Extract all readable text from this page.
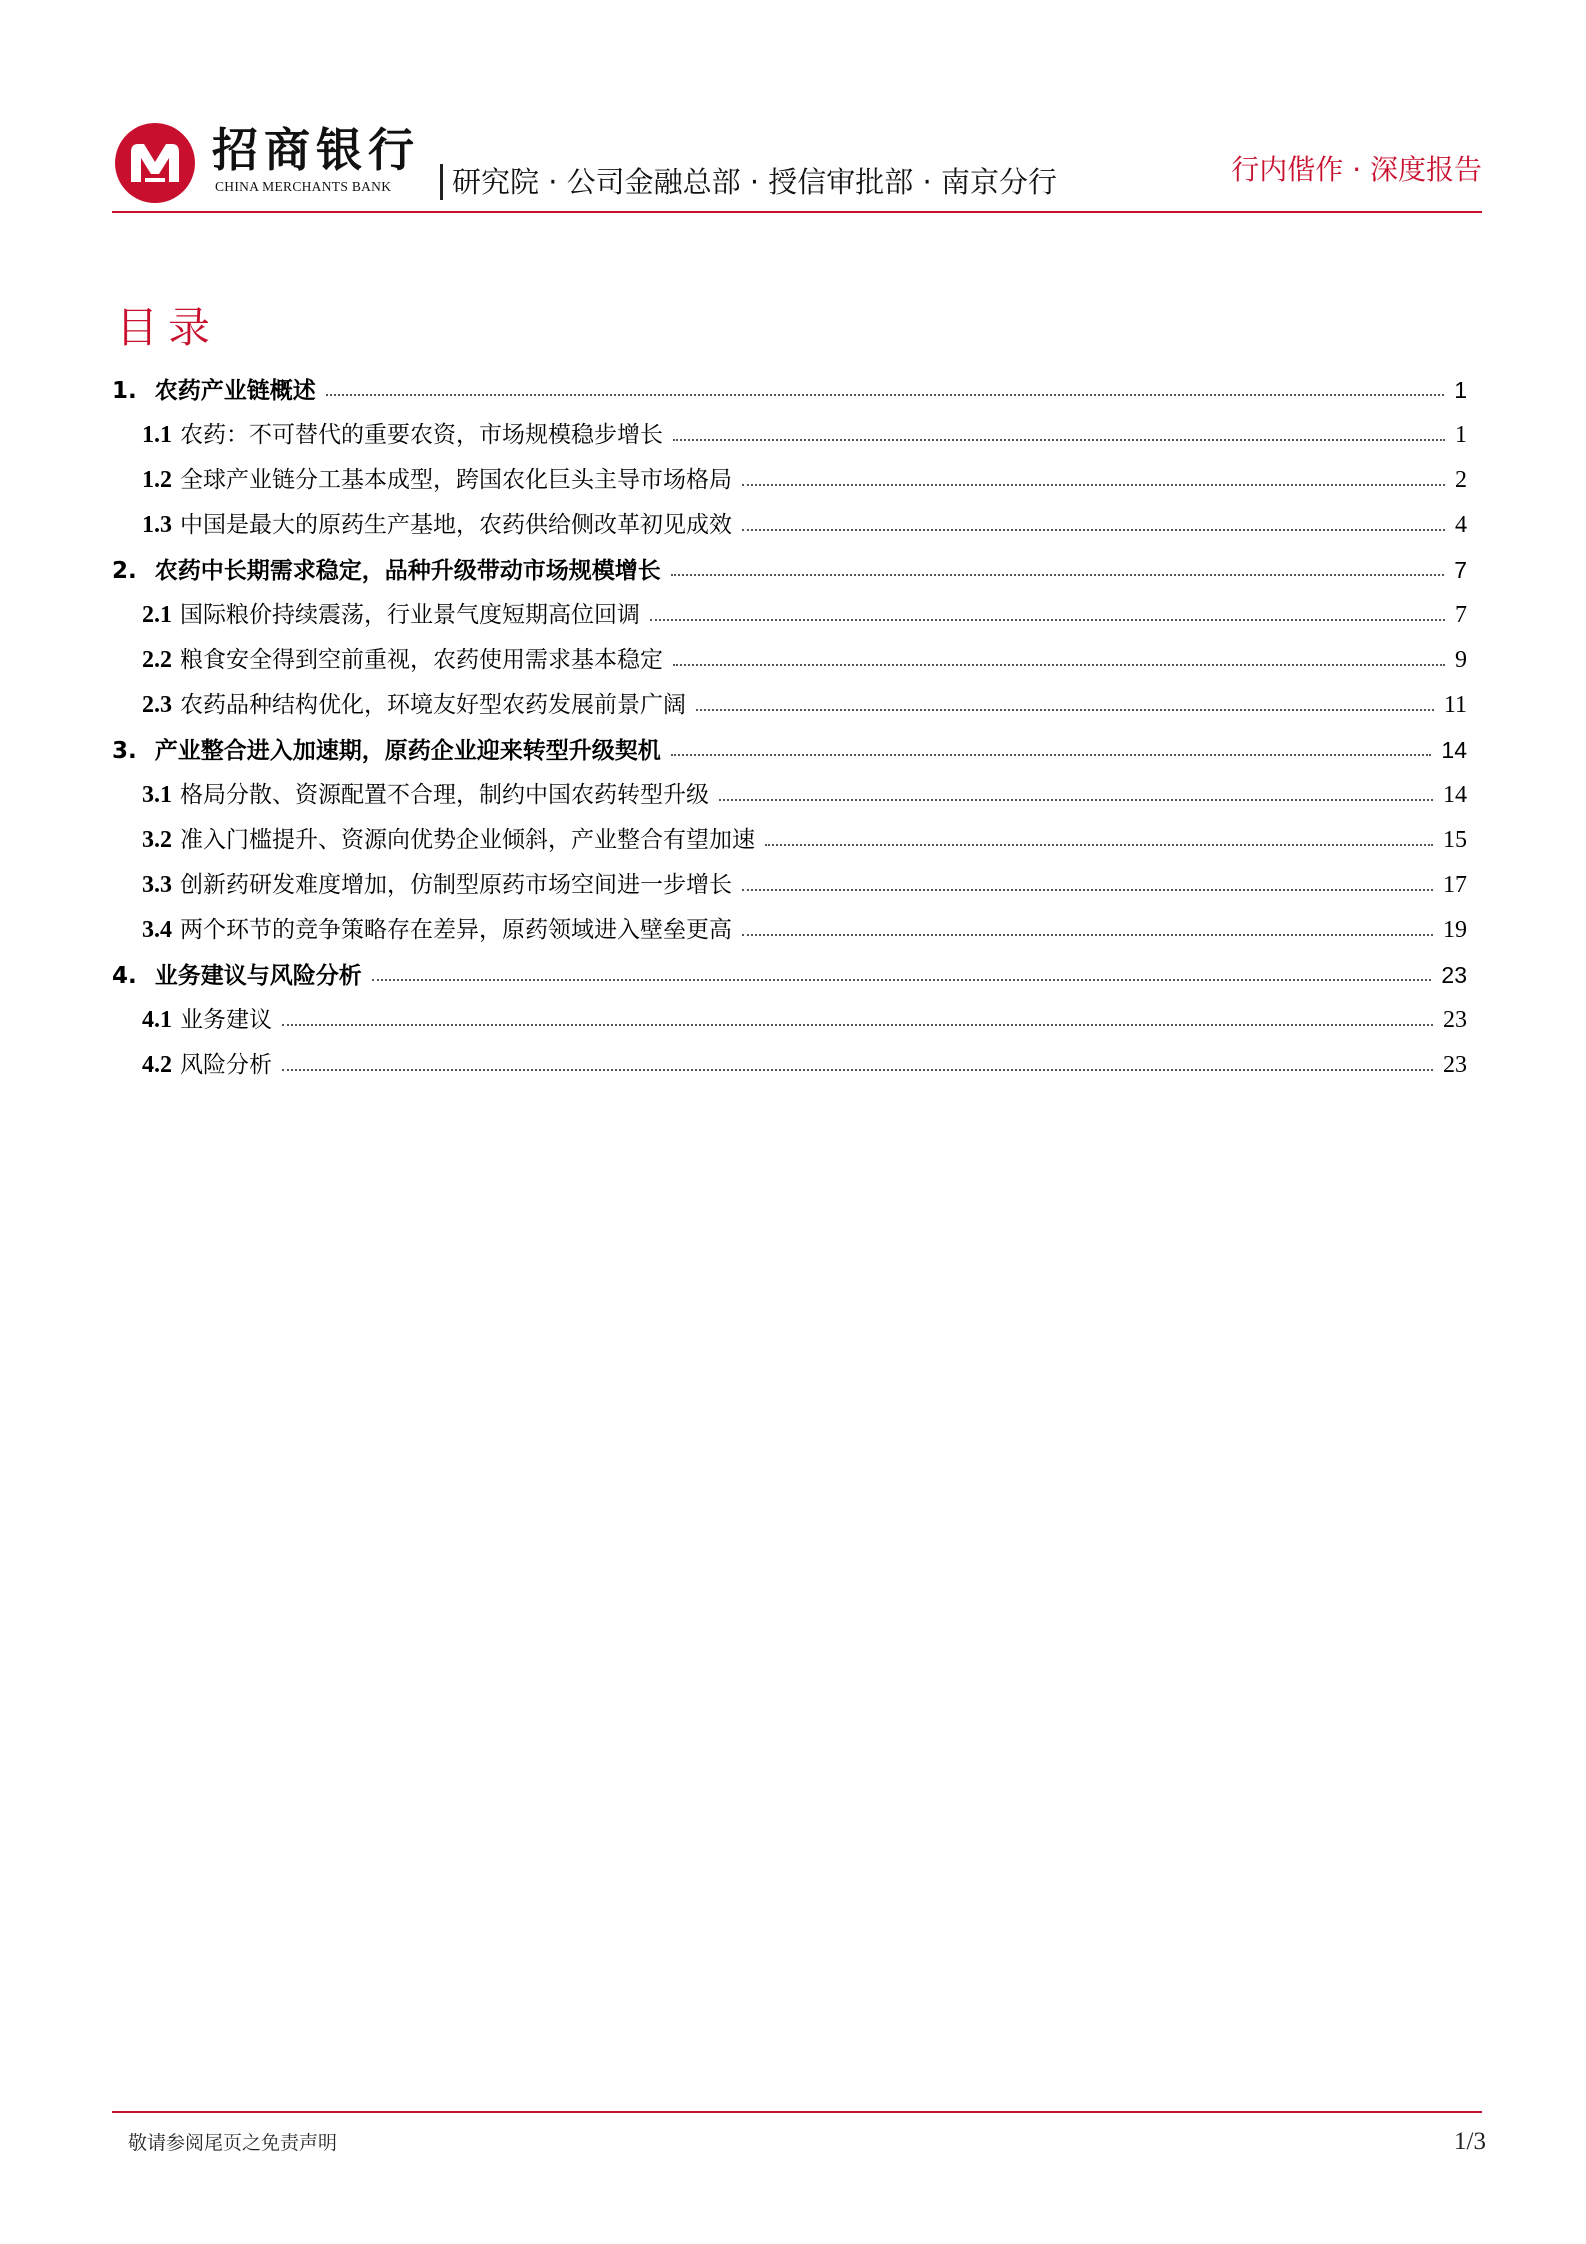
招商银行
CHINA MERCHANTS BANK 研究院 · 公司金融总部 · 授信审批部 · 南京分行	行内偕作 · 深度报告
目录
1. 农药产业链概述	1
1.1 农药：不可替代的重要农资，市场规模稳步增长	1
1.2 全球产业链分工基本成型，跨国农化巨头主导市场格局	2
1.3 中国是最大的原药生产基地，农药供给侧改革初见成效	4
2. 农药中长期需求稳定，品种升级带动市场规模增长	7
2.1 国际粮价持续震荡，行业景气度短期高位回调	7
2.2 粮食安全得到空前重视，农药使用需求基本稳定	9
2.3 农药品种结构优化，环境友好型农药发展前景广阔	11
3. 产业整合进入加速期，原药企业迎来转型升级契机	14
3.1 格局分散、资源配置不合理，制约中国农药转型升级	14
3.2 准入门槛提升、资源向优势企业倾斜，产业整合有望加速	15
3.3 创新药研发难度增加，仿制型原药市场空间进一步增长	17
3.4 两个环节的竞争策略存在差异，原药领域进入壁垒更高	19
4. 业务建议与风险分析	23
4.1 业务建议	23
4.2 风险分析	23
敬请参阅尾页之免责声明	1/3
